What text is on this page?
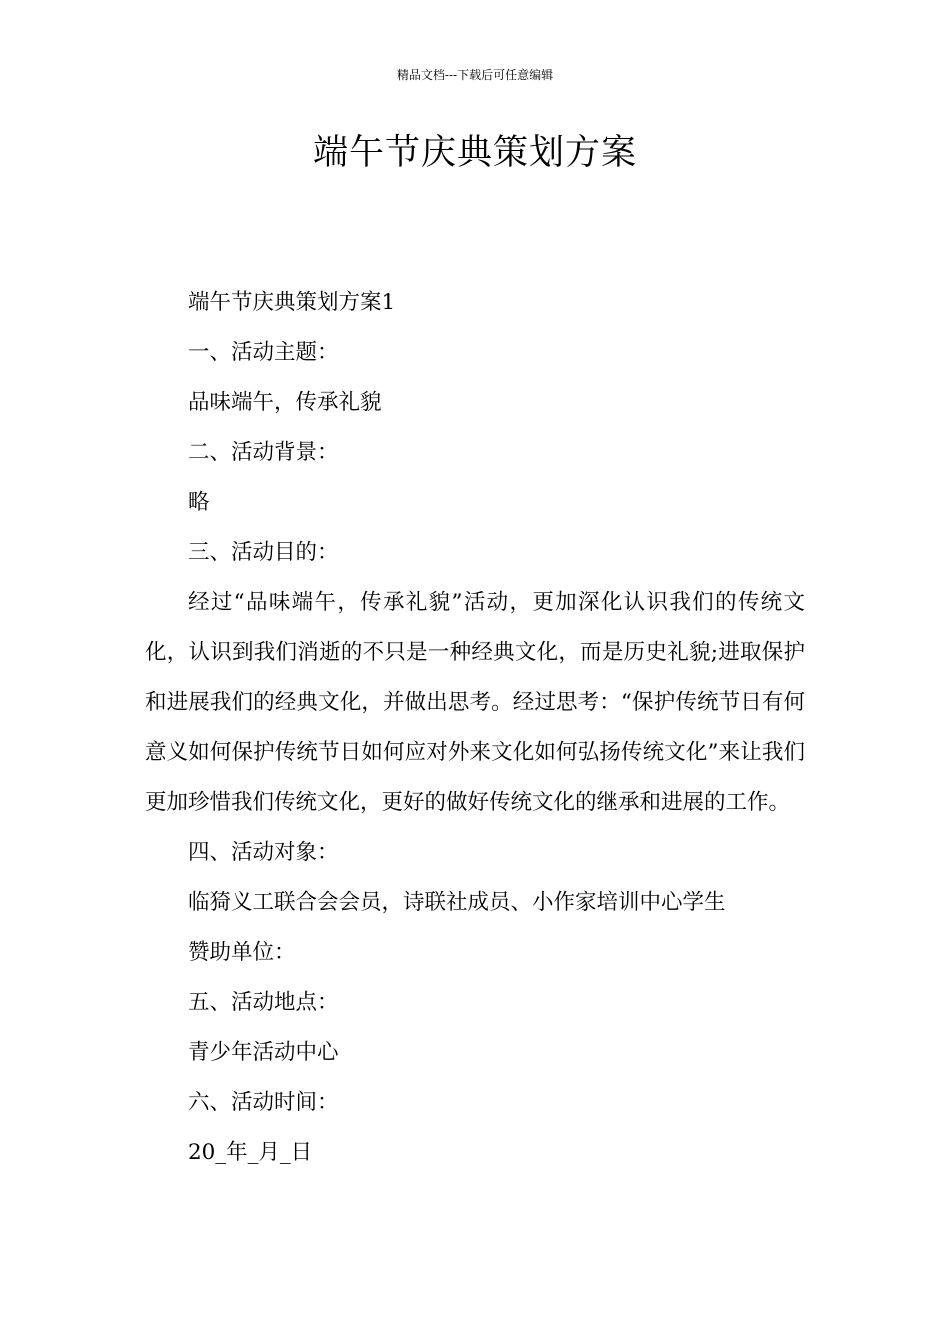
精品文档---下载后可任意编辑
端午节庆典策划方案
端午节庆典策划方案1
一、活动主题：
品味端午，传承礼貌
二、活动背景：
略
三、活动目的：

经过“品味端午，传承礼貌”活动，更加深化认识我们的传统文化，认识到我们消逝的不只是一种经典文化，而是历史礼貌;进取保护和进展我们的经典文化，并做出思考。经过思考：“保护传统节日有何意义如何保护传统节日如何应对外来文化如何弘扬传统文化”来让我们更加珍惜我们传统文化，更好的做好传统文化的继承和进展的工作。

四、活动对象：
临猗义工联合会会员，诗联社成员、小作家培训中心学生
赞助单位：
五、活动地点：
青少年活动中心
六、活动时间：
20_年_月_日
